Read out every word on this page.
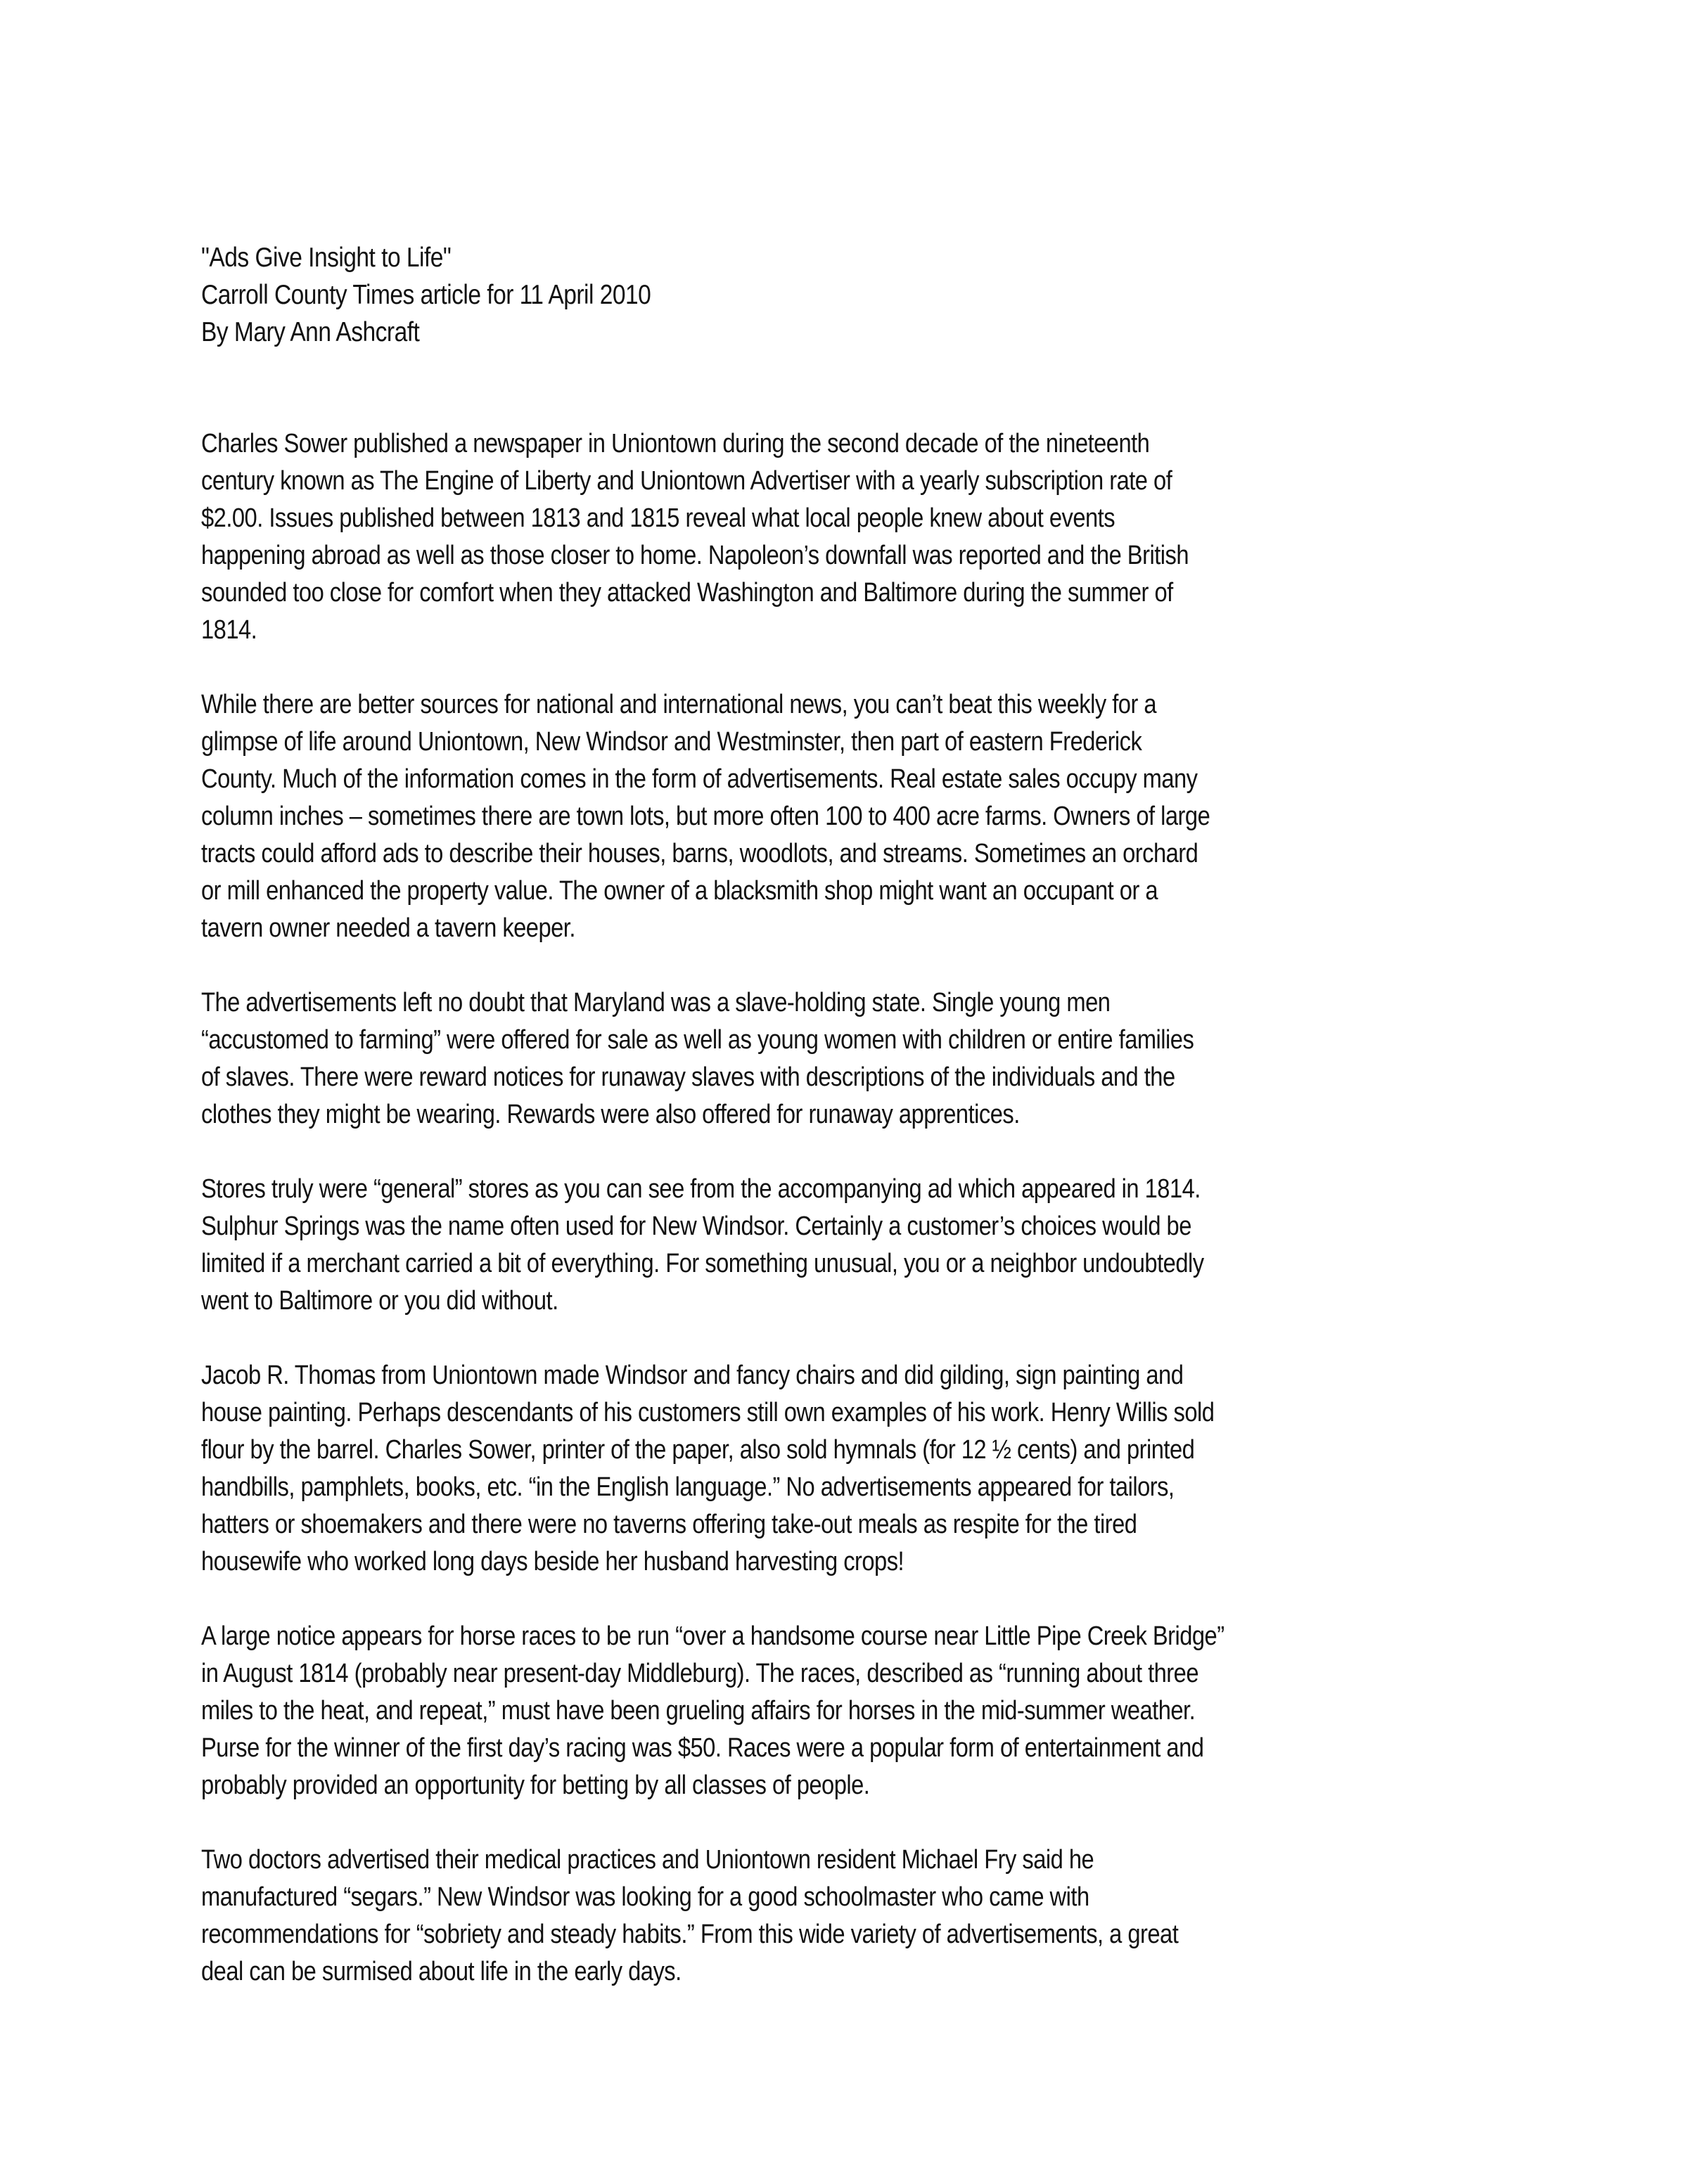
"Ads Give Insight to Life"
Carroll County Times article for 11 April 2010
By Mary Ann Ashcraft
Charles Sower published a newspaper in Uniontown during the second decade of the nineteenth
century known as The Engine of Liberty and Uniontown Advertiser with a yearly subscription rate of
$2.00. Issues published between 1813 and 1815 reveal what local people knew about events
happening abroad as well as those closer to home. Napoleon’s downfall was reported and the British
sounded too close for comfort when they attacked Washington and Baltimore during the summer of
1814.
While there are better sources for national and international news, you can’t beat this weekly for a
glimpse of life around Uniontown, New Windsor and Westminster, then part of eastern Frederick
County. Much of the information comes in the form of advertisements. Real estate sales occupy many
column inches – sometimes there are town lots, but more often 100 to 400 acre farms. Owners of large
tracts could afford ads to describe their houses, barns, woodlots, and streams. Sometimes an orchard
or mill enhanced the property value. The owner of a blacksmith shop might want an occupant or a
tavern owner needed a tavern keeper.
The advertisements left no doubt that Maryland was a slave-holding state. Single young men
“accustomed to farming” were offered for sale as well as young women with children or entire families
of slaves. There were reward notices for runaway slaves with descriptions of the individuals and the
clothes they might be wearing. Rewards were also offered for runaway apprentices.
Stores truly were “general” stores as you can see from the accompanying ad which appeared in 1814.
Sulphur Springs was the name often used for New Windsor. Certainly a customer’s choices would be
limited if a merchant carried a bit of everything. For something unusual, you or a neighbor undoubtedly
went to Baltimore or you did without.
Jacob R. Thomas from Uniontown made Windsor and fancy chairs and did gilding, sign painting and
house painting. Perhaps descendants of his customers still own examples of his work. Henry Willis sold
flour by the barrel. Charles Sower, printer of the paper, also sold hymnals (for 12 ½ cents) and printed
handbills, pamphlets, books, etc. “in the English language.” No advertisements appeared for tailors,
hatters or shoemakers and there were no taverns offering take-out meals as respite for the tired
housewife who worked long days beside her husband harvesting crops!
A large notice appears for horse races to be run “over a handsome course near Little Pipe Creek Bridge”
in August 1814 (probably near present-day Middleburg). The races, described as “running about three
miles to the heat, and repeat,” must have been grueling affairs for horses in the mid-summer weather.
Purse for the winner of the first day’s racing was $50. Races were a popular form of entertainment and
probably provided an opportunity for betting by all classes of people.
Two doctors advertised their medical practices and Uniontown resident Michael Fry said he
manufactured “segars.” New Windsor was looking for a good schoolmaster who came with
recommendations for “sobriety and steady habits.” From this wide variety of advertisements, a great
deal can be surmised about life in the early days.
